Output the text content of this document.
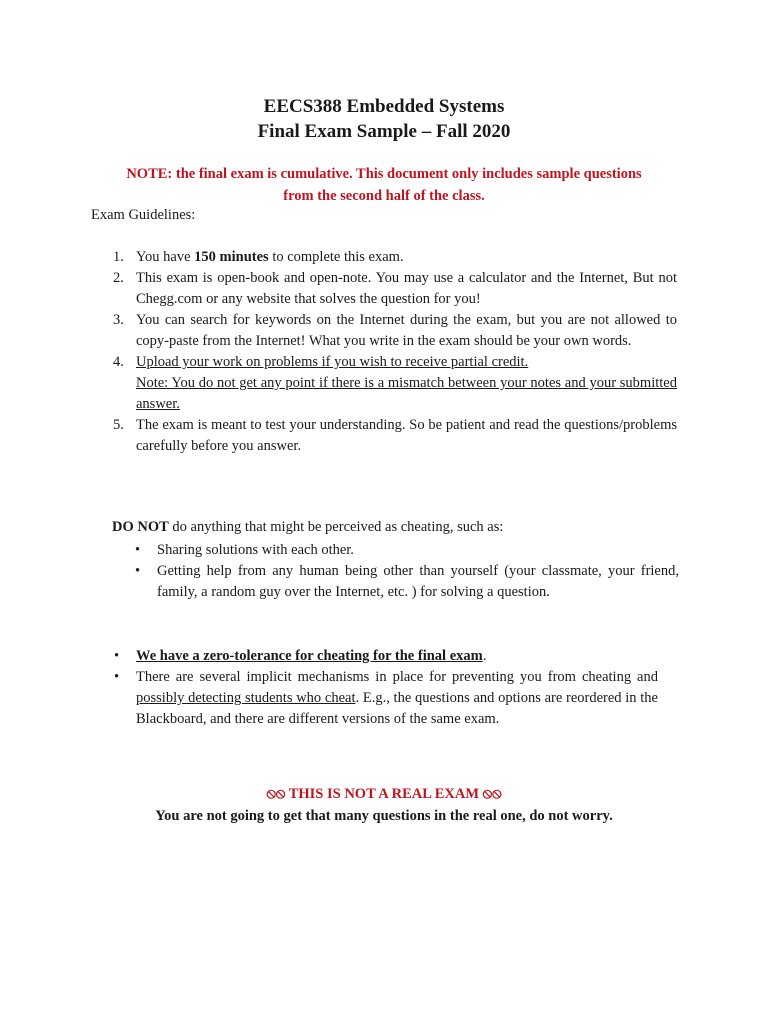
EECS388 Embedded Systems
Final Exam Sample – Fall 2020
NOTE: the final exam is cumulative. This document only includes sample questions
from the second half of the class.
Exam Guidelines:
1. You have 150 minutes to complete this exam.
2. This exam is open-book and open-note. You may use a calculator and the Internet, But not Chegg.com or any website that solves the question for you!
3. You can search for keywords on the Internet during the exam, but you are not allowed to copy-paste from the Internet! What you write in the exam should be your own words.
4. Upload your work on problems if you wish to receive partial credit.
Note: You do not get any point if there is a mismatch between your notes and your submitted answer.
5. The exam is meant to test your understanding. So be patient and read the questions/problems carefully before you answer.
DO NOT do anything that might be perceived as cheating, such as:
• Sharing solutions with each other.
• Getting help from any human being other than yourself (your classmate, your friend, family, a random guy over the Internet, etc. ) for solving a question.
• We have a zero-tolerance for cheating for the final exam.
• There are several implicit mechanisms in place for preventing you from cheating and possibly detecting students who cheat. E.g., the questions and options are reordered in the Blackboard, and there are different versions of the same exam.
⦸⦸ THIS IS NOT A REAL EXAM ⦸⦸
You are not going to get that many questions in the real one, do not worry.
